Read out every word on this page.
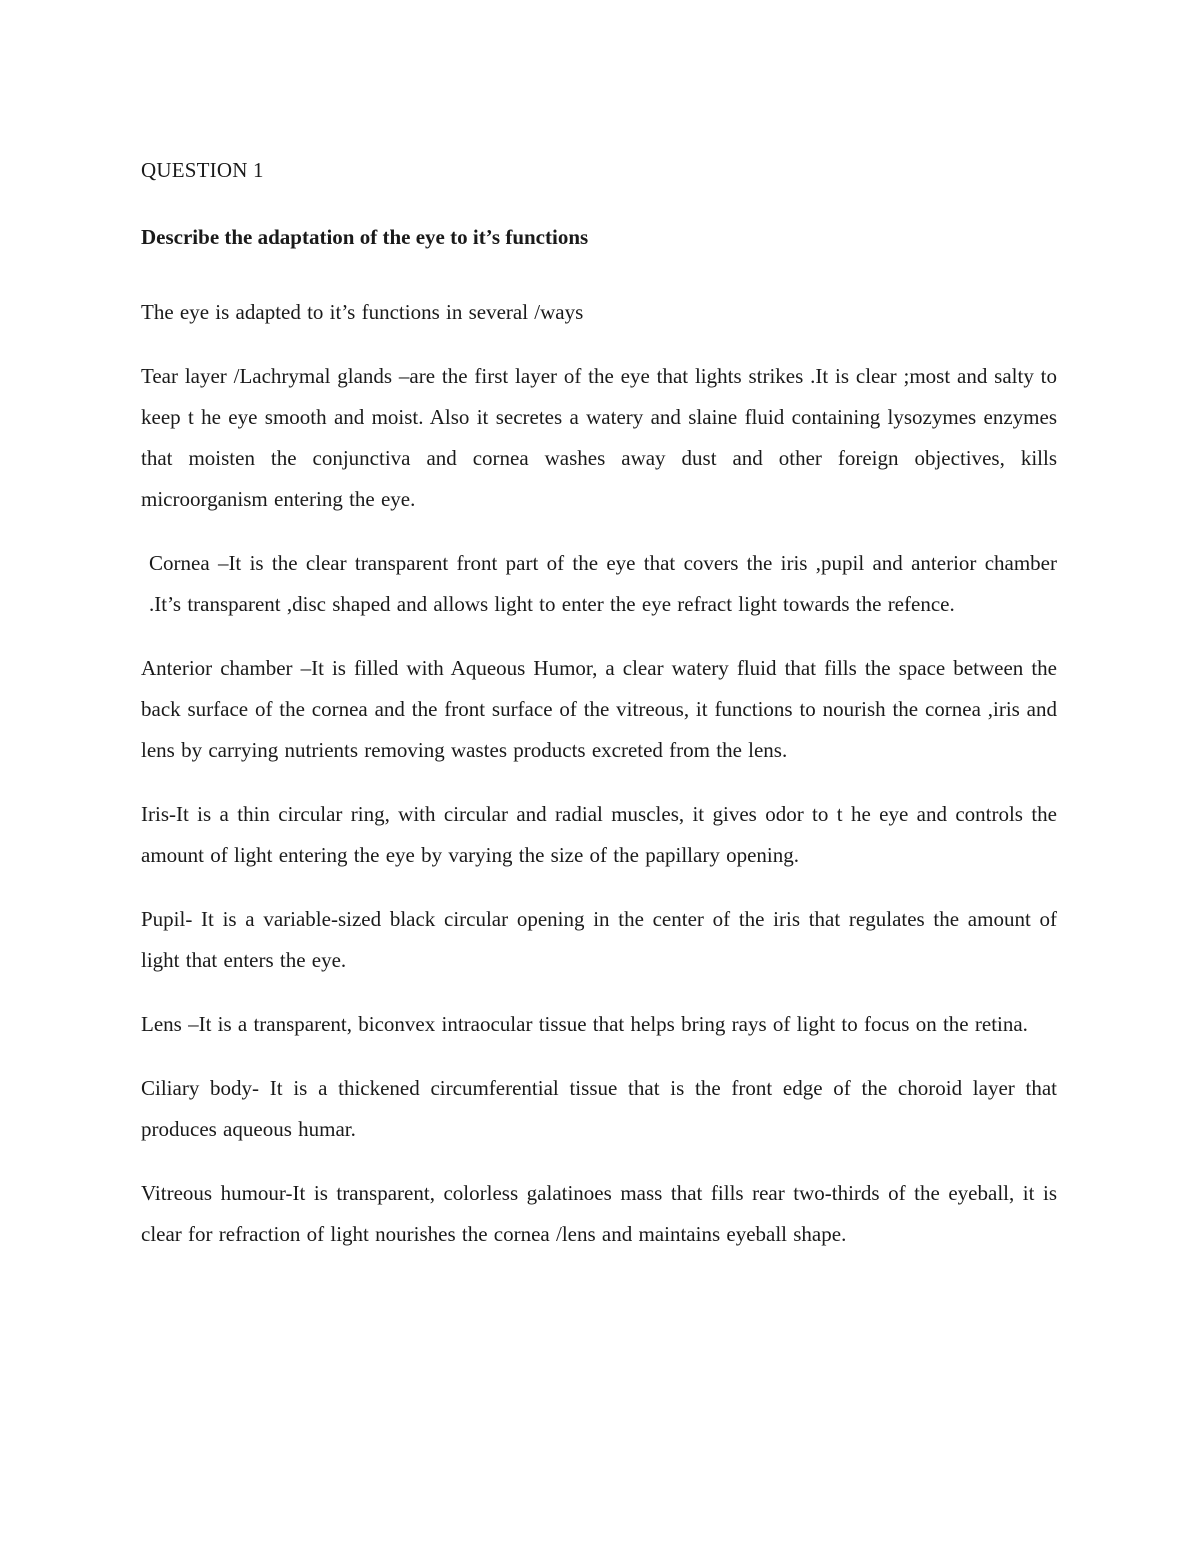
QUESTION 1
Describe the adaptation of the eye to it’s functions

The eye is adapted to it’s functions in several /ways

Tear layer /Lachrymal glands –are the first layer of the eye that lights strikes .It is clear ;most and salty to keep t he eye smooth and moist. Also it secretes a watery and slaine fluid containing lysozymes enzymes that moisten the conjunctiva and cornea washes away dust and other foreign objectives, kills microorganism entering the eye.

Cornea –It is the clear transparent front part of the eye that covers the iris ,pupil and anterior chamber .It’s transparent ,disc shaped and allows light to enter the eye refract light towards the refence.

Anterior chamber –It is filled with Aqueous Humor, a clear watery fluid that fills the space between the back surface of the cornea and the front surface of the vitreous, it functions to nourish the cornea ,iris and lens by carrying nutrients removing wastes products excreted from the lens.

Iris-It is a thin circular ring, with circular and radial muscles, it gives odor to t he eye and controls the amount of light entering the eye by varying the size of the papillary opening.

Pupil- It is a variable-sized black circular opening in the center of the iris that regulates the amount of light that enters the eye.

Lens –It is a transparent, biconvex intraocular tissue that helps bring rays of light to focus on the retina.

Ciliary body- It is a thickened circumferential tissue that is the front edge of the choroid layer that produces aqueous humar.

Vitreous humour-It is transparent, colorless galatinoes mass that fills rear two-thirds of the eyeball, it is clear for refraction of light nourishes the cornea /lens and maintains eyeball shape.
